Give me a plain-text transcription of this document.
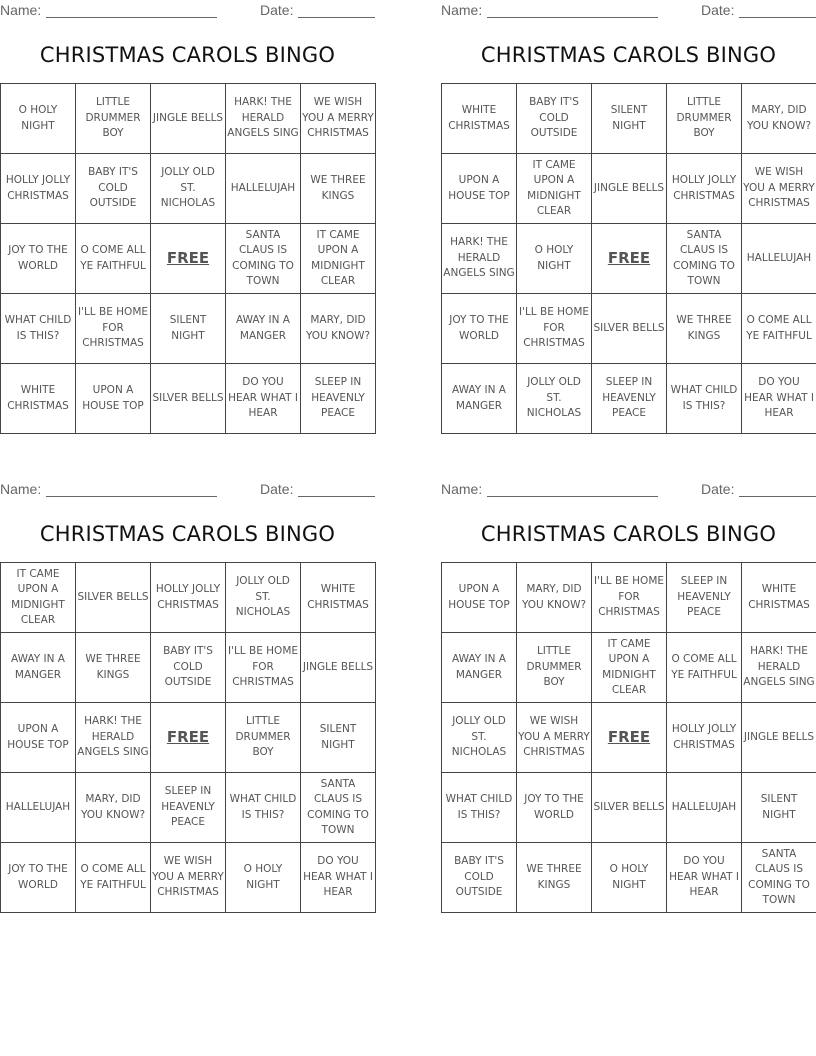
Name:	Date:
CHRISTMAS CAROLS BINGO
O HOLY NIGHT	LITTLE DRUMMER BOY	JINGLE BELLS	HARK! THE HERALD ANGELS SING	WE WISH YOU A MERRY CHRISTMAS
HOLLY JOLLY CHRISTMAS	BABY IT'S COLD OUTSIDE	JOLLY OLD ST. NICHOLAS	HALLELUJAH	WE THREE KINGS
JOY TO THE WORLD	O COME ALL YE FAITHFUL	FREE	SANTA CLAUS IS COMING TO TOWN	IT CAME UPON A MIDNIGHT CLEAR
WHAT CHILD IS THIS?	I'LL BE HOME FOR CHRISTMAS	SILENT NIGHT	AWAY IN A MANGER	MARY, DID YOU KNOW?
WHITE CHRISTMAS	UPON A HOUSE TOP	SILVER BELLS	DO YOU HEAR WHAT I HEAR	SLEEP IN HEAVENLY PEACE
Name:	Date:
CHRISTMAS CAROLS BINGO
WHITE CHRISTMAS	BABY IT'S COLD OUTSIDE	SILENT NIGHT	LITTLE DRUMMER BOY	MARY, DID YOU KNOW?
UPON A HOUSE TOP	IT CAME UPON A MIDNIGHT CLEAR	JINGLE BELLS	HOLLY JOLLY CHRISTMAS	WE WISH YOU A MERRY CHRISTMAS
HARK! THE HERALD ANGELS SING	O HOLY NIGHT	FREE	SANTA CLAUS IS COMING TO TOWN	HALLELUJAH
JOY TO THE WORLD	I'LL BE HOME FOR CHRISTMAS	SILVER BELLS	WE THREE KINGS	O COME ALL YE FAITHFUL
AWAY IN A MANGER	JOLLY OLD ST. NICHOLAS	SLEEP IN HEAVENLY PEACE	WHAT CHILD IS THIS?	DO YOU HEAR WHAT I HEAR
Name:	Date:
CHRISTMAS CAROLS BINGO
IT CAME UPON A MIDNIGHT CLEAR	SILVER BELLS	HOLLY JOLLY CHRISTMAS	JOLLY OLD ST. NICHOLAS	WHITE CHRISTMAS
AWAY IN A MANGER	WE THREE KINGS	BABY IT'S COLD OUTSIDE	I'LL BE HOME FOR CHRISTMAS	JINGLE BELLS
UPON A HOUSE TOP	HARK! THE HERALD ANGELS SING	FREE	LITTLE DRUMMER BOY	SILENT NIGHT
HALLELUJAH	MARY, DID YOU KNOW?	SLEEP IN HEAVENLY PEACE	WHAT CHILD IS THIS?	SANTA CLAUS IS COMING TO TOWN
JOY TO THE WORLD	O COME ALL YE FAITHFUL	WE WISH YOU A MERRY CHRISTMAS	O HOLY NIGHT	DO YOU HEAR WHAT I HEAR
Name:	Date:
CHRISTMAS CAROLS BINGO
UPON A HOUSE TOP	MARY, DID YOU KNOW?	I'LL BE HOME FOR CHRISTMAS	SLEEP IN HEAVENLY PEACE	WHITE CHRISTMAS
AWAY IN A MANGER	LITTLE DRUMMER BOY	IT CAME UPON A MIDNIGHT CLEAR	O COME ALL YE FAITHFUL	HARK! THE HERALD ANGELS SING
JOLLY OLD ST. NICHOLAS	WE WISH YOU A MERRY CHRISTMAS	FREE	HOLLY JOLLY CHRISTMAS	JINGLE BELLS
WHAT CHILD IS THIS?	JOY TO THE WORLD	SILVER BELLS	HALLELUJAH	SILENT NIGHT
BABY IT'S COLD OUTSIDE	WE THREE KINGS	O HOLY NIGHT	DO YOU HEAR WHAT I HEAR	SANTA CLAUS IS COMING TO TOWN
